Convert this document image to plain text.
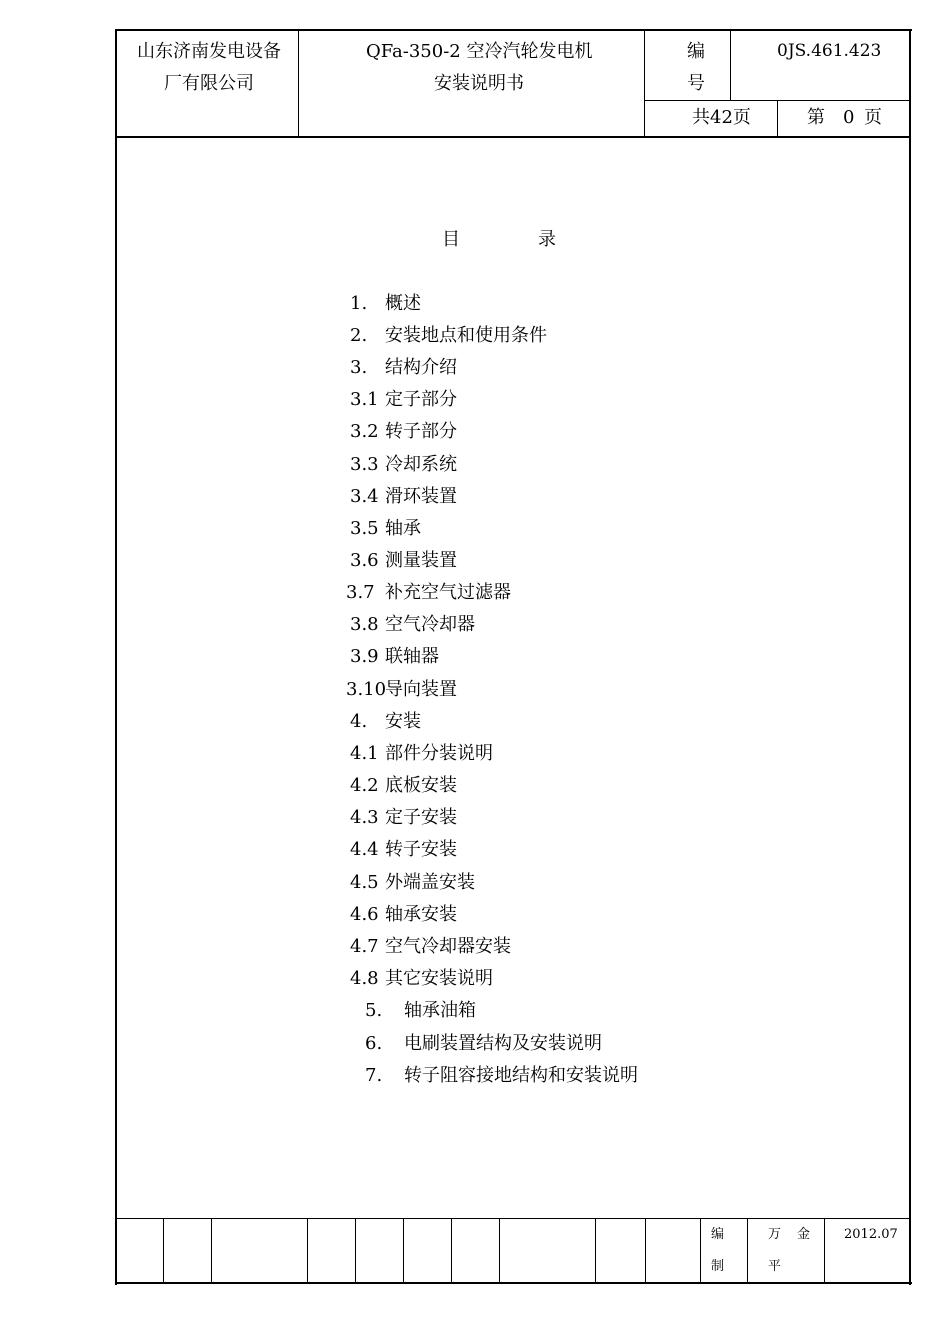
山东济南发电设备
厂有限公司
QFa-350-2 空冷汽轮发电机
安装说明书
编
号
0JS.461.423
共42页	第 0 页
目	录
1. 概述
2. 安装地点和使用条件
3. 结构介绍
3.1 定子部分
3.2 转子部分
3.3 冷却系统
3.4 滑环装置
3.5 轴承
3.6 测量装置
3.7 补充空气过滤器
3.8 空气冷却器
3.9 联轴器
3.10
导向装置
4. 安装
4.1 部件分装说明
4.2 底板安装
4.3 定子安装
4.4 转子安装
4.5 外端盖安装
4.6 轴承安装
4.7 空气冷却器安装
4.8 其它安装说明
5. 轴承油箱
6. 电刷装置结构及安装说明
7. 转子阻容接地结构和安装说明
编
制
万 金
平
2012.07
